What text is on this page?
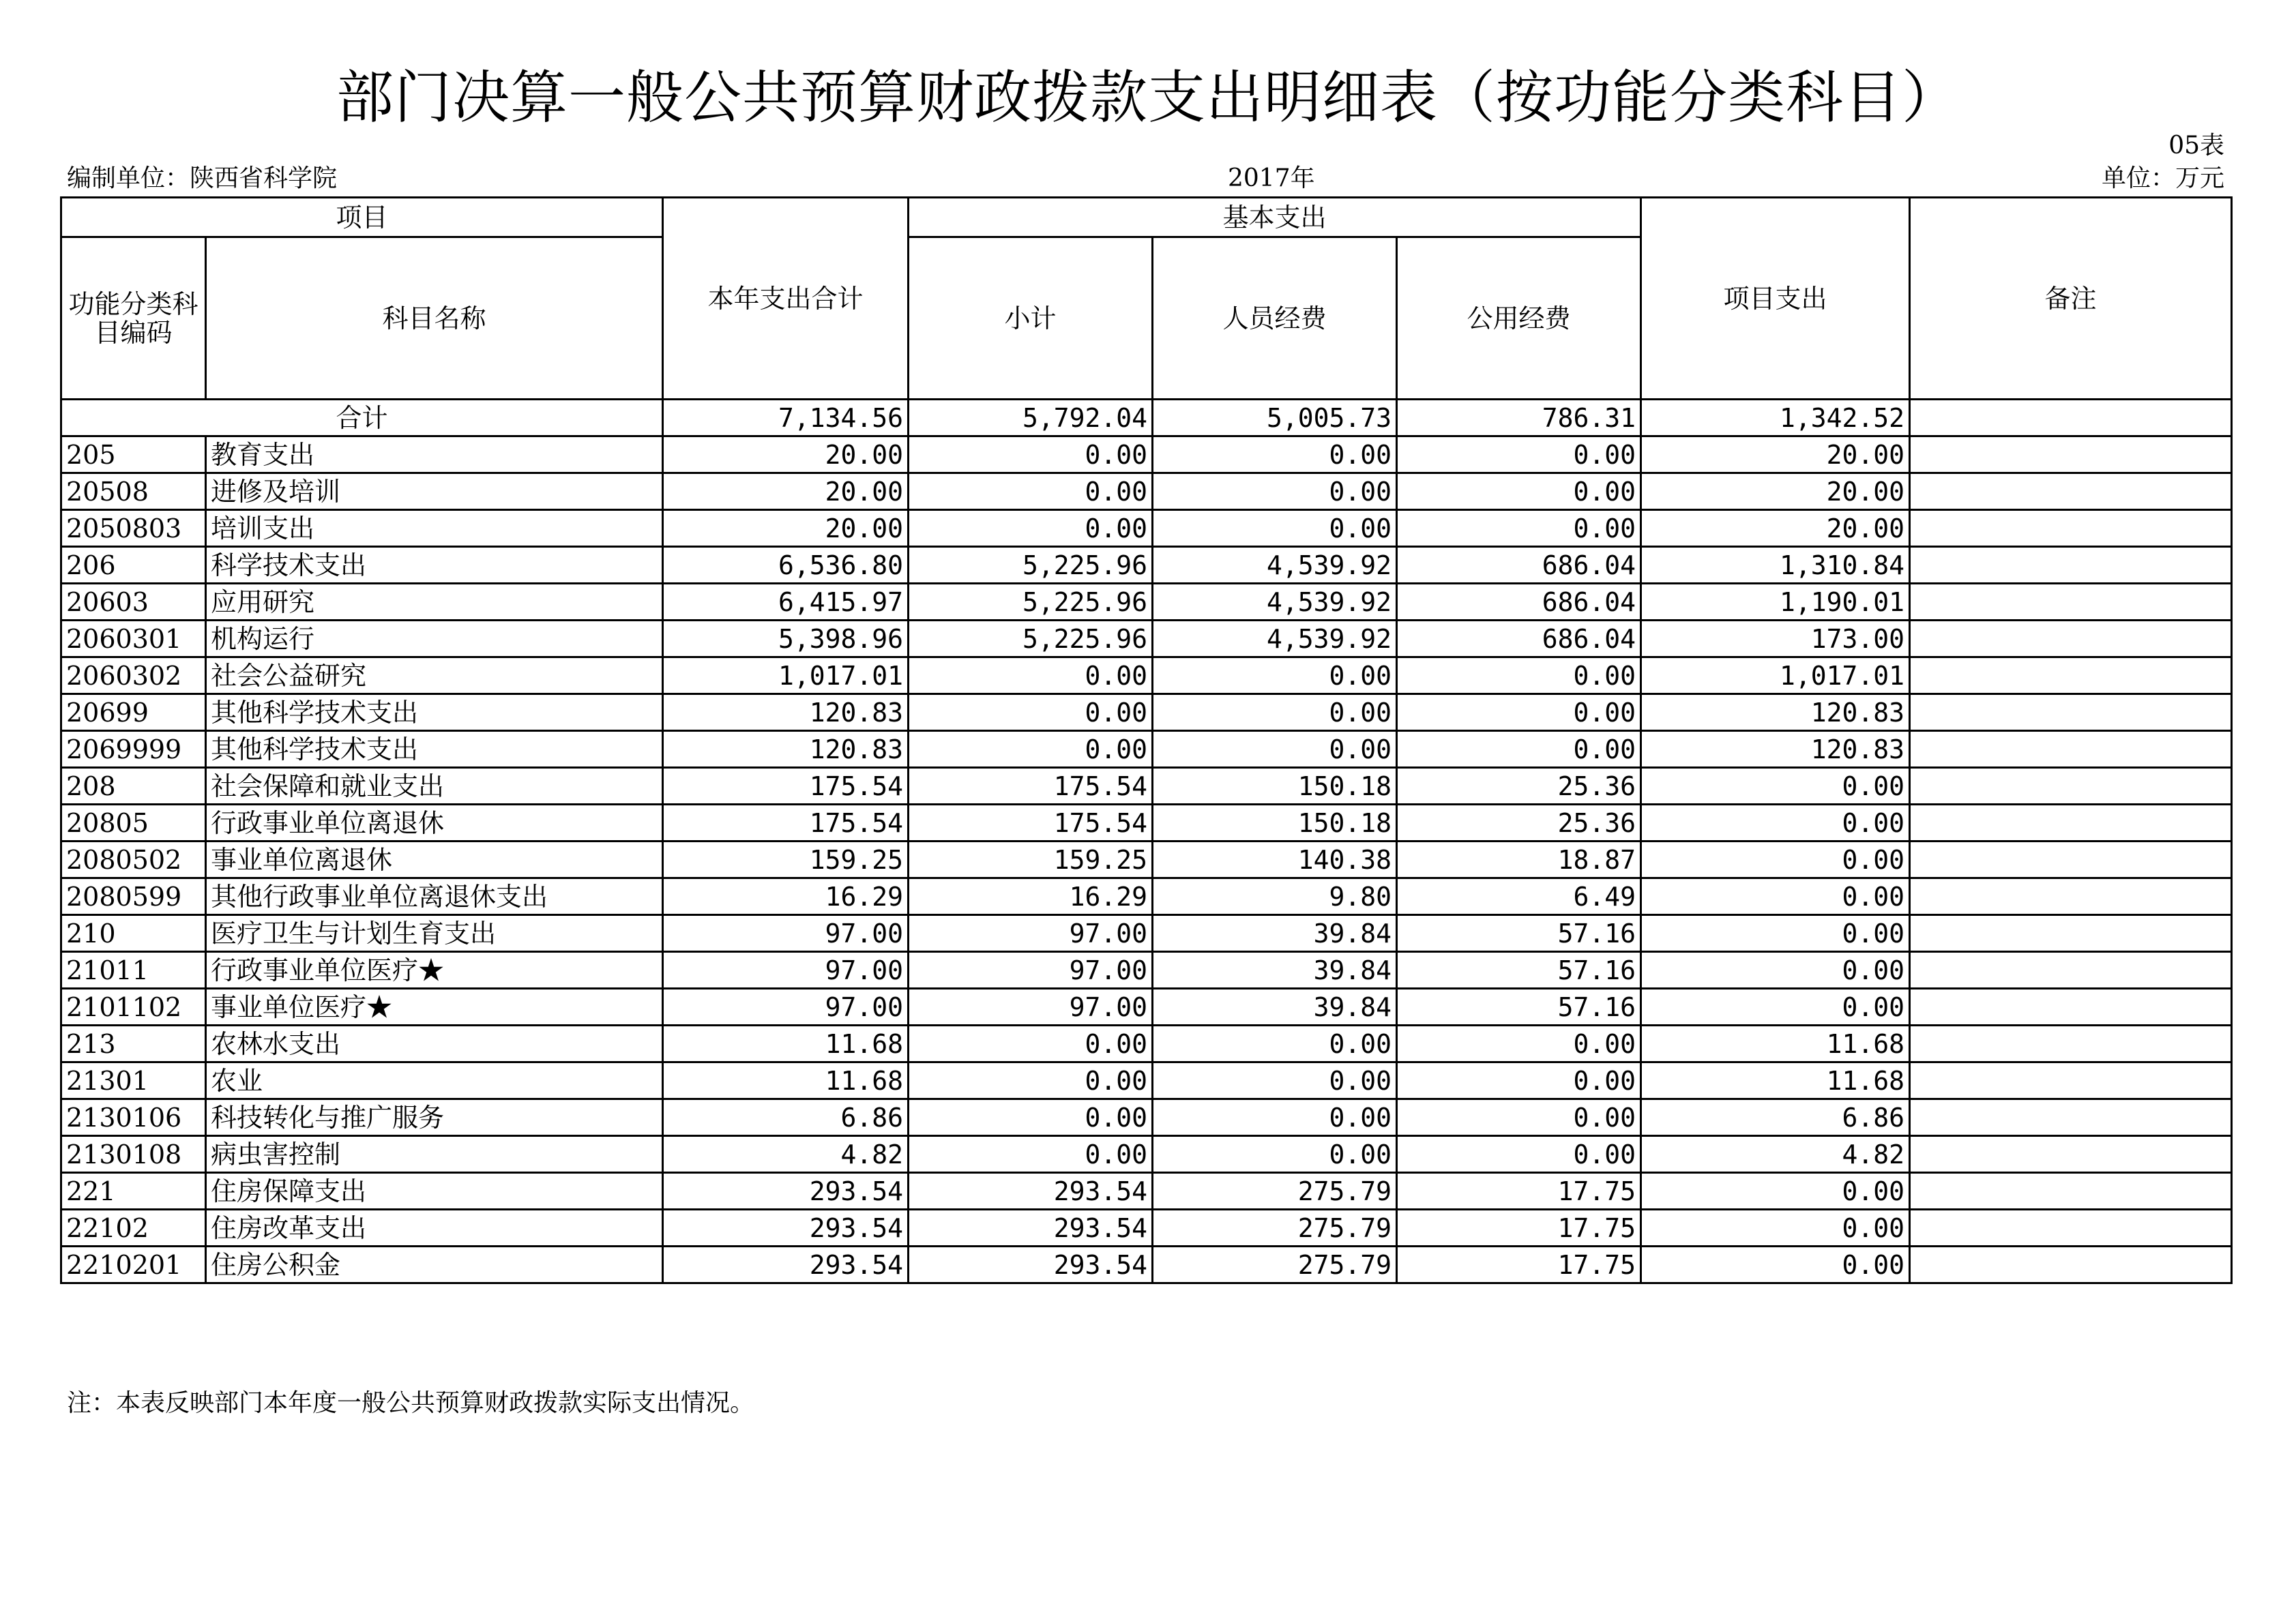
部门决算一般公共预算财政拨款支出明细表（按功能分类科目）
05表
编制单位：陕西省科学院	2017年	单位：万元
项目		本年支出合计	基本支出			项目支出	备注
功能分类科目编码	科目名称		小计	人员经费	公用经费		
合计		7,134.56	5,792.04	5,005.73	786.31	1,342.52	
205	教育支出	20.00	0.00	0.00	0.00	20.00	
20508	进修及培训	20.00	0.00	0.00	0.00	20.00	
2050803	培训支出	20.00	0.00	0.00	0.00	20.00	
206	科学技术支出	6,536.80	5,225.96	4,539.92	686.04	1,310.84	
20603	应用研究	6,415.97	5,225.96	4,539.92	686.04	1,190.01	
2060301	机构运行	5,398.96	5,225.96	4,539.92	686.04	173.00	
2060302	社会公益研究	1,017.01	0.00	0.00	0.00	1,017.01	
20699	其他科学技术支出	120.83	0.00	0.00	0.00	120.83	
2069999	其他科学技术支出	120.83	0.00	0.00	0.00	120.83	
208	社会保障和就业支出	175.54	175.54	150.18	25.36	0.00	
20805	行政事业单位离退休	175.54	175.54	150.18	25.36	0.00	
2080502	事业单位离退休	159.25	159.25	140.38	18.87	0.00	
2080599	其他行政事业单位离退休支出	16.29	16.29	9.80	6.49	0.00	
210	医疗卫生与计划生育支出	97.00	97.00	39.84	57.16	0.00	
21011	行政事业单位医疗★	97.00	97.00	39.84	57.16	0.00	
2101102	事业单位医疗★	97.00	97.00	39.84	57.16	0.00	
213	农林水支出	11.68	0.00	0.00	0.00	11.68	
21301	农业	11.68	0.00	0.00	0.00	11.68	
2130106	科技转化与推广服务	6.86	0.00	0.00	0.00	6.86	
2130108	病虫害控制	4.82	0.00	0.00	0.00	4.82	
221	住房保障支出	293.54	293.54	275.79	17.75	0.00	
22102	住房改革支出	293.54	293.54	275.79	17.75	0.00	
2210201	住房公积金	293.54	293.54	275.79	17.75	0.00	
注：本表反映部门本年度一般公共预算财政拨款实际支出情况。
